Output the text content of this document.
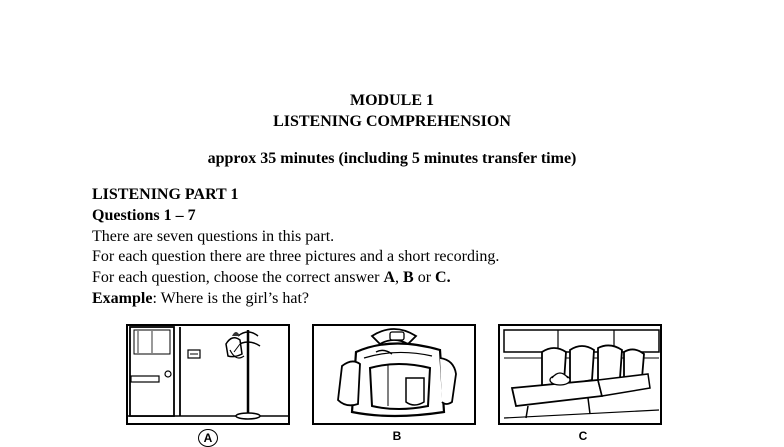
MODULE 1
LISTENING COMPREHENSION
approx 35 minutes (including 5 minutes transfer time)
LISTENING PART 1
Questions 1 – 7
There are seven questions in this part.
For each question there are three pictures and a short recording.
For each question, choose the correct answer A, B or C.
Example: Where is the girl’s hat?
A	B	C
